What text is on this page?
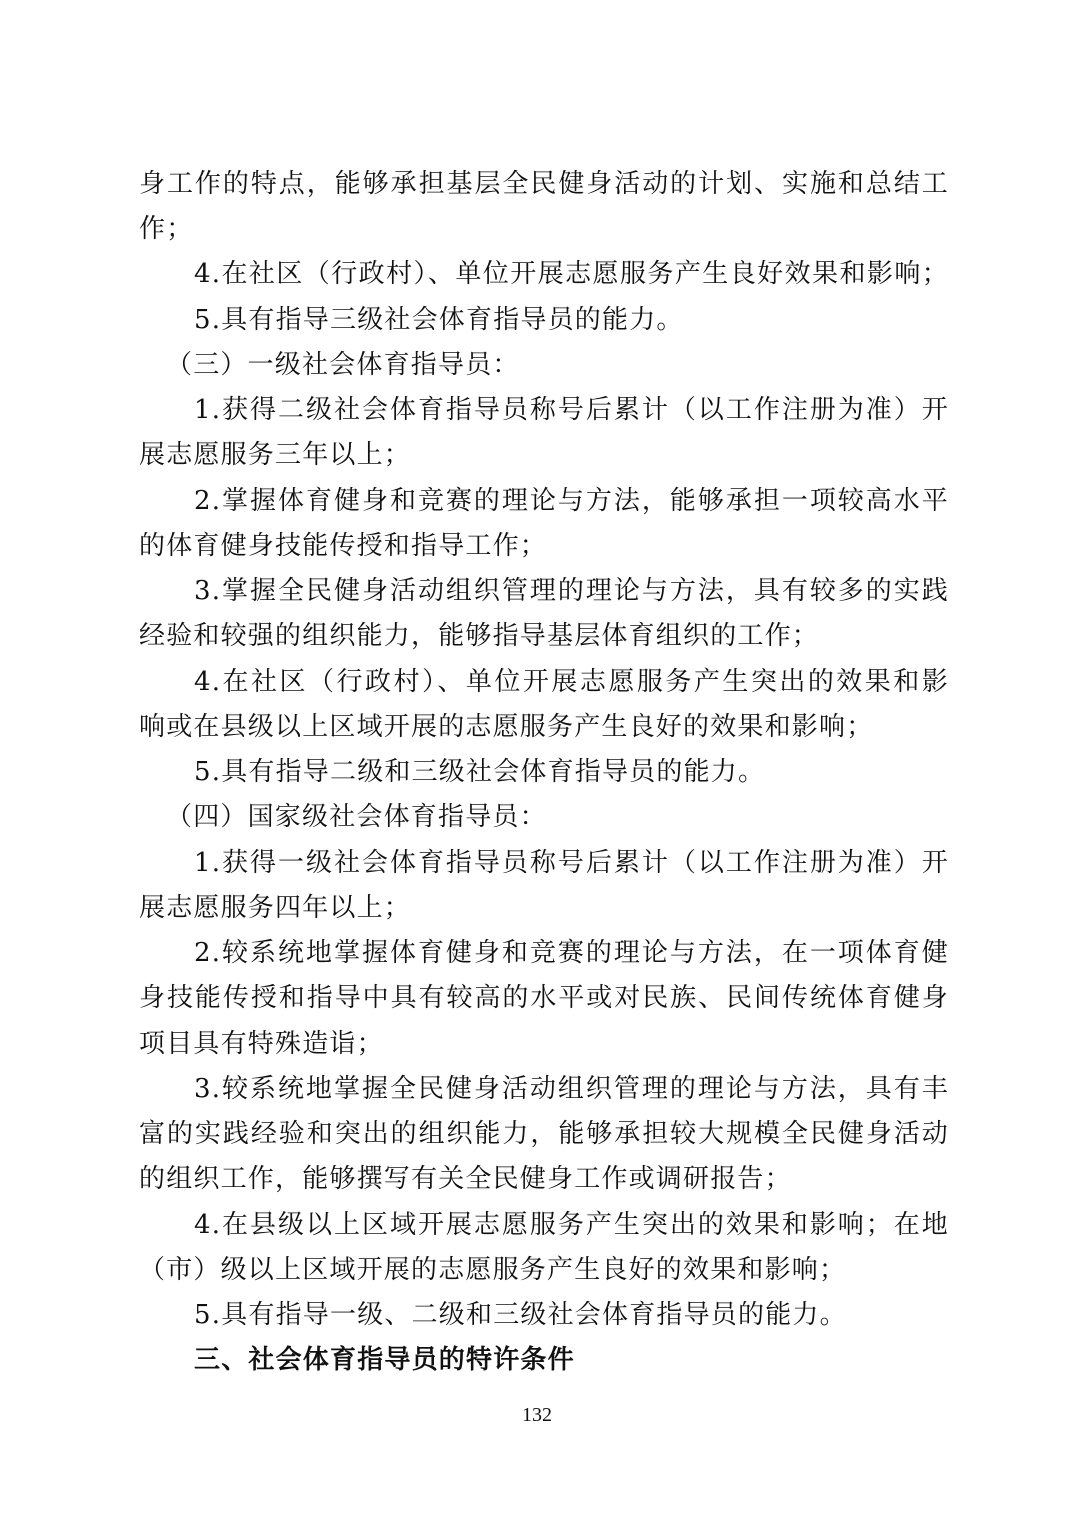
身工作的特点，能够承担基层全民健身活动的计划、实施和总结工
作；
4.在社区（行政村）、单位开展志愿服务产生良好效果和影响；
5.具有指导三级社会体育指导员的能力。
（三）一级社会体育指导员：
1.获得二级社会体育指导员称号后累计（以工作注册为准）开
展志愿服务三年以上；
2.掌握体育健身和竞赛的理论与方法，能够承担一项较高水平
的体育健身技能传授和指导工作；
3.掌握全民健身活动组织管理的理论与方法，具有较多的实践
经验和较强的组织能力，能够指导基层体育组织的工作；
4.在社区（行政村）、单位开展志愿服务产生突出的效果和影
响或在县级以上区域开展的志愿服务产生良好的效果和影响；
5.具有指导二级和三级社会体育指导员的能力。
（四）国家级社会体育指导员：
1.获得一级社会体育指导员称号后累计（以工作注册为准）开
展志愿服务四年以上；
2.较系统地掌握体育健身和竞赛的理论与方法，在一项体育健
身技能传授和指导中具有较高的水平或对民族、民间传统体育健身
项目具有特殊造诣；
3.较系统地掌握全民健身活动组织管理的理论与方法，具有丰
富的实践经验和突出的组织能力，能够承担较大规模全民健身活动
的组织工作，能够撰写有关全民健身工作或调研报告；
4.在县级以上区域开展志愿服务产生突出的效果和影响；在地
（市）级以上区域开展的志愿服务产生良好的效果和影响；
5.具有指导一级、二级和三级社会体育指导员的能力。
三、社会体育指导员的特许条件
132
